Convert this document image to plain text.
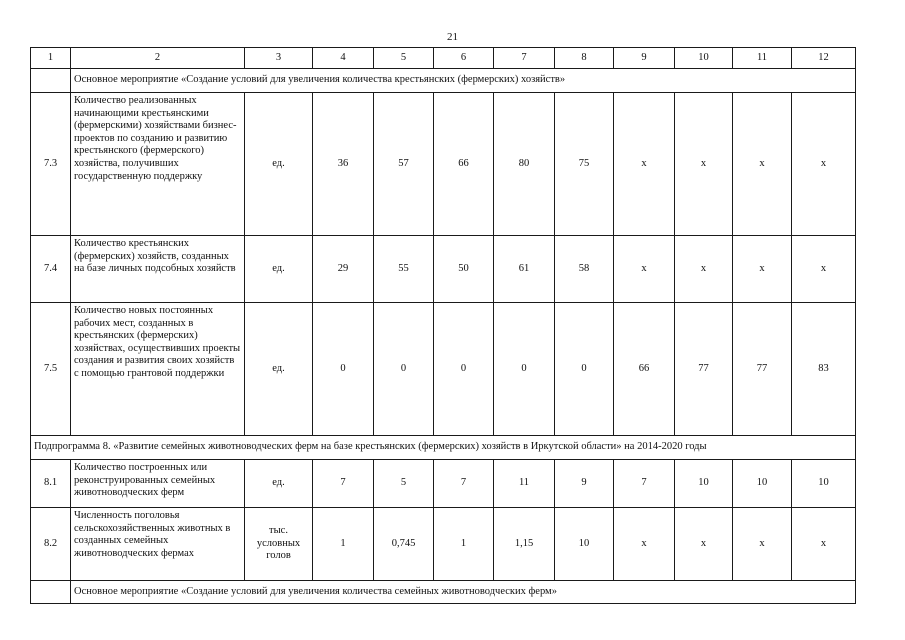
21
1	2	3	4	5	6	7	8	9	10	11	12
	Основное мероприятие «Создание условий для увеличения количества крестьянских (фермерских) хозяйств»										
7.3	Количество реализованных начинающими крестьянскими (фермерскими) хозяйствами бизнес-проектов по созданию и развитию крестьянского (фермерского) хозяйства, получивших государственную поддержку	ед.	36	57	66	80	75	х	х	х	х
7.4	Количество крестьянских (фермерских) хозяйств, созданных на базе личных подсобных хозяйств	ед.	29	55	50	61	58	х	х	х	х
7.5	Количество новых постоянных рабочих мест, созданных в крестьянских (фермерских) хозяйствах, осуществивших проекты создания и развития своих хозяйств с помощью грантовой поддержки	ед.	0	0	0	0	0	66	77	77	83
Подпрограмма 8. «Развитие семейных животноводческих ферм на базе крестьянских (фермерских) хозяйств в Иркутской области» на 2014-2020 годы											
8.1	Количество построенных или реконструированных семейных животноводческих ферм	ед.	7	5	7	11	9	7	10	10	10
8.2	Численность поголовья сельскохозяйственных животных в созданных семейных животноводческих фермах	тыс. условных голов	1	0,745	1	1,15	10	х	х	х	х
	Основное мероприятие «Создание условий для увеличения количества семейных животноводческих ферм»										
